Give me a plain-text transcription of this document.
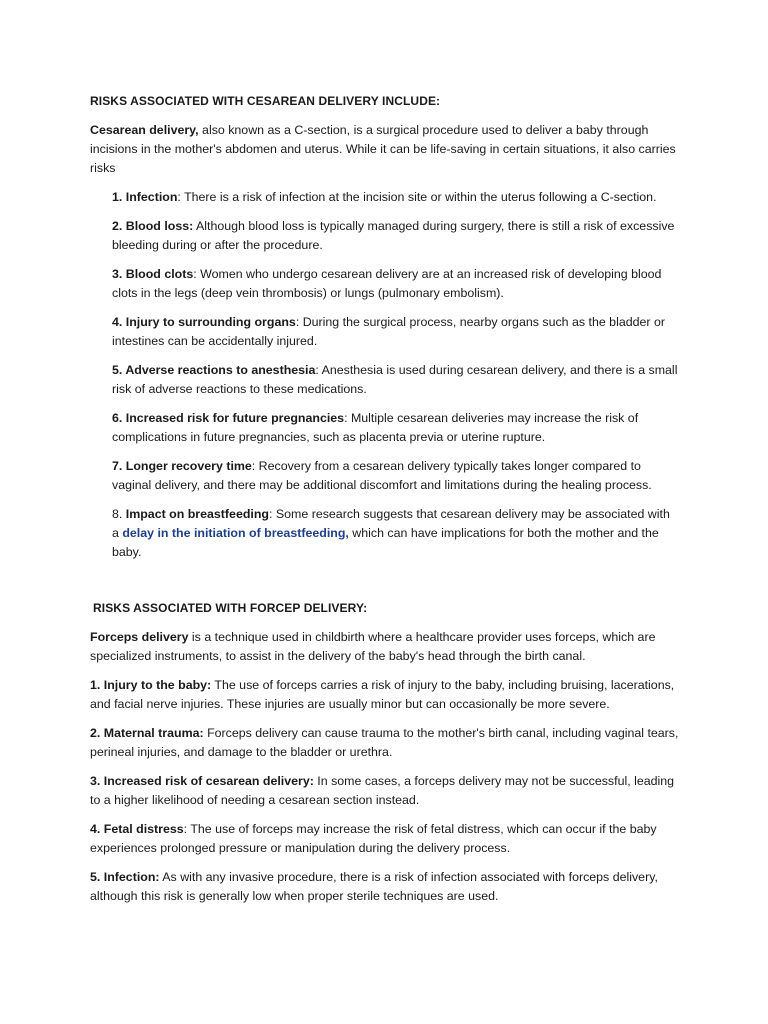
RISKS ASSOCIATED WITH CESAREAN DELIVERY INCLUDE:

Cesarean delivery, also known as a C-section, is a surgical procedure used to deliver a baby through incisions in the mother's abdomen and uterus. While it can be life-saving in certain situations, it also carries risks

1. Infection: There is a risk of infection at the incision site or within the uterus following a C-section.

2. Blood loss: Although blood loss is typically managed during surgery, there is still a risk of excessive bleeding during or after the procedure.

3. Blood clots: Women who undergo cesarean delivery are at an increased risk of developing blood clots in the legs (deep vein thrombosis) or lungs (pulmonary embolism).

4. Injury to surrounding organs: During the surgical process, nearby organs such as the bladder or intestines can be accidentally injured.

5. Adverse reactions to anesthesia: Anesthesia is used during cesarean delivery, and there is a small risk of adverse reactions to these medications.

6. Increased risk for future pregnancies: Multiple cesarean deliveries may increase the risk of complications in future pregnancies, such as placenta previa or uterine rupture.

7. Longer recovery time: Recovery from a cesarean delivery typically takes longer compared to vaginal delivery, and there may be additional discomfort and limitations during the healing process.

8. Impact on breastfeeding: Some research suggests that cesarean delivery may be associated with a delay in the initiation of breastfeeding, which can have implications for both the mother and the baby.

RISKS ASSOCIATED WITH FORCEP DELIVERY:

Forceps delivery is a technique used in childbirth where a healthcare provider uses forceps, which are specialized instruments, to assist in the delivery of the baby's head through the birth canal.

1. Injury to the baby: The use of forceps carries a risk of injury to the baby, including bruising, lacerations, and facial nerve injuries. These injuries are usually minor but can occasionally be more severe.

2. Maternal trauma: Forceps delivery can cause trauma to the mother's birth canal, including vaginal tears, perineal injuries, and damage to the bladder or urethra.

3. Increased risk of cesarean delivery: In some cases, a forceps delivery may not be successful, leading to a higher likelihood of needing a cesarean section instead.

4. Fetal distress: The use of forceps may increase the risk of fetal distress, which can occur if the baby experiences prolonged pressure or manipulation during the delivery process.

5. Infection: As with any invasive procedure, there is a risk of infection associated with forceps delivery, although this risk is generally low when proper sterile techniques are used.
